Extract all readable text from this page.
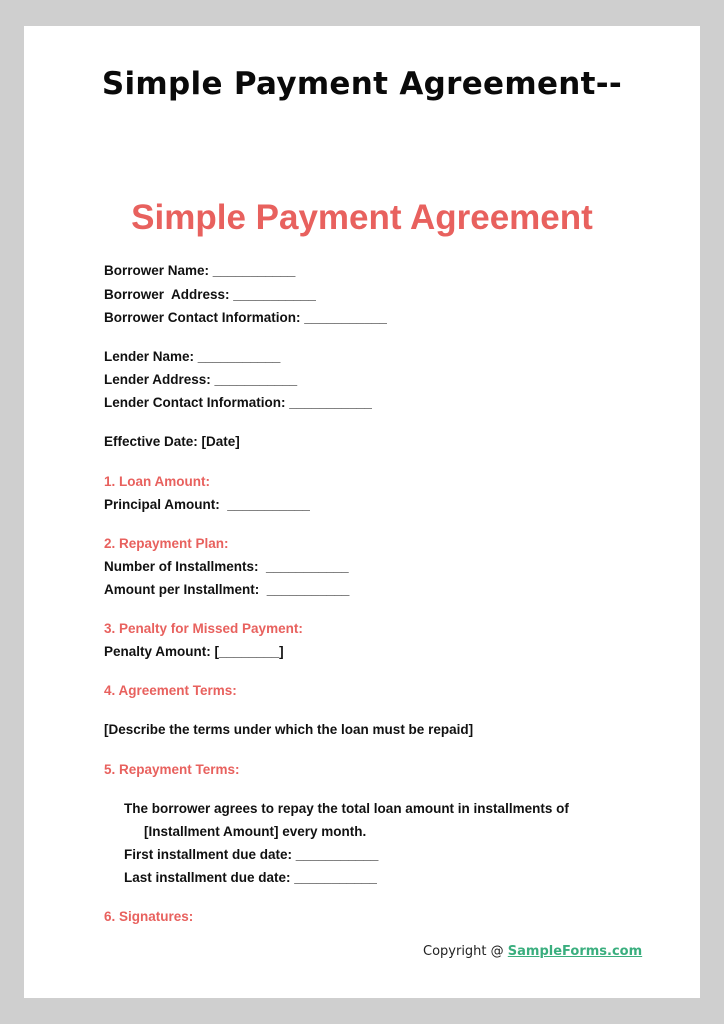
Simple Payment Agreement--
Simple Payment Agreement
Borrower Name: ___________
Borrower  Address: ___________
Borrower Contact Information: ___________
Lender Name: ___________
Lender Address: ___________
Lender Contact Information: ___________
Effective Date: [Date]
1. Loan Amount:
Principal Amount:  ___________
2. Repayment Plan:
Number of Installments:  ___________
Amount per Installment:  ___________
3. Penalty for Missed Payment:
Penalty Amount: [________]
4. Agreement Terms:
[Describe the terms under which the loan must be repaid]
5. Repayment Terms:
The borrower agrees to repay the total loan amount in installments of
[Installment Amount] every month.
First installment due date: ___________
Last installment due date: ___________
6. Signatures:
Copyright @ SampleForms.com
